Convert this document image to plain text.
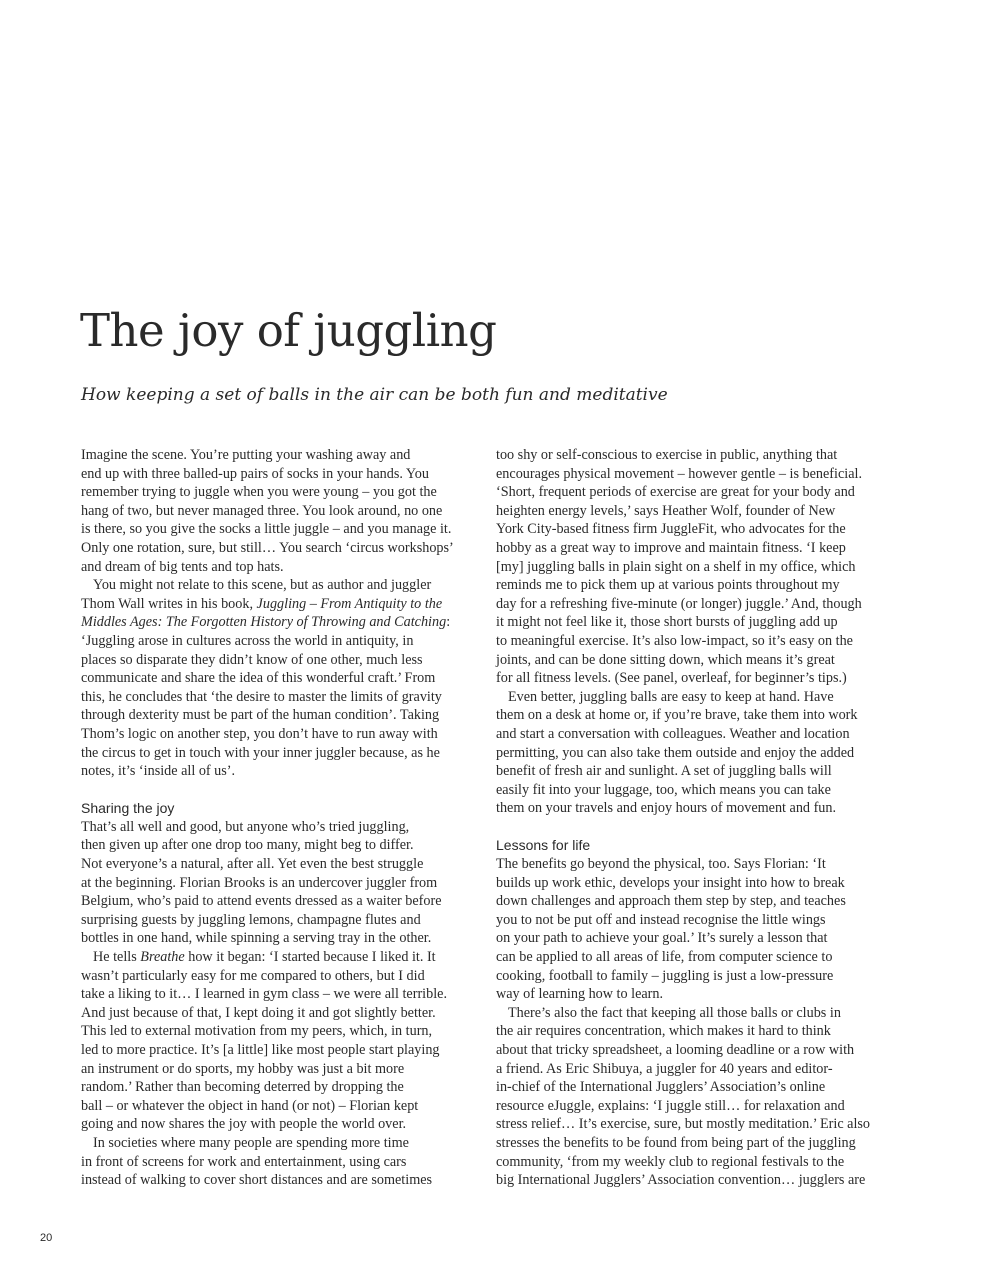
The joy of juggling
How keeping a set of balls in the air can be both fun and meditative
Imagine the scene. You’re putting your washing away and
end up with three balled-up pairs of socks in your hands. You
remember trying to juggle when you were young – you got the
hang of two, but never managed three. You look around, no one
is there, so you give the socks a little juggle – and you manage it.
Only one rotation, sure, but still… You search ‘circus workshops’
and dream of big tents and top hats.
You might not relate to this scene, but as author and juggler
Thom Wall writes in his book, Juggling – From Antiquity to the
Middles Ages: The Forgotten History of Throwing and Catching:
‘Juggling arose in cultures across the world in antiquity, in
places so disparate they didn’t know of one other, much less
communicate and share the idea of this wonderful craft.’ From
this, he concludes that ‘the desire to master the limits of gravity
through dexterity must be part of the human condition’. Taking
Thom’s logic on another step, you don’t have to run away with
the circus to get in touch with your inner juggler because, as he
notes, it’s ‘inside all of us’.
Sharing the joy
That’s all well and good, but anyone who’s tried juggling,
then given up after one drop too many, might beg to differ.
Not everyone’s a natural, after all. Yet even the best struggle
at the beginning. Florian Brooks is an undercover juggler from
Belgium, who’s paid to attend events dressed as a waiter before
surprising guests by juggling lemons, champagne flutes and
bottles in one hand, while spinning a serving tray in the other.
He tells Breathe how it began: ‘I started because I liked it. It
wasn’t particularly easy for me compared to others, but I did
take a liking to it… I learned in gym class – we were all terrible.
And just because of that, I kept doing it and got slightly better.
This led to external motivation from my peers, which, in turn,
led to more practice. It’s [a little] like most people start playing
an instrument or do sports, my hobby was just a bit more
random.’ Rather than becoming deterred by dropping the
ball – or whatever the object in hand (or not) – Florian kept
going and now shares the joy with people the world over.
In societies where many people are spending more time
in front of screens for work and entertainment, using cars
instead of walking to cover short distances and are sometimes
too shy or self-conscious to exercise in public, anything that
encourages physical movement – however gentle – is beneficial.
‘Short, frequent periods of exercise are great for your body and
heighten energy levels,’ says Heather Wolf, founder of New
York City-based fitness firm JuggleFit, who advocates for the
hobby as a great way to improve and maintain fitness. ‘I keep
[my] juggling balls in plain sight on a shelf in my office, which
reminds me to pick them up at various points throughout my
day for a refreshing five-minute (or longer) juggle.’ And, though
it might not feel like it, those short bursts of juggling add up
to meaningful exercise. It’s also low-impact, so it’s easy on the
joints, and can be done sitting down, which means it’s great
for all fitness levels. (See panel, overleaf, for beginner’s tips.)
Even better, juggling balls are easy to keep at hand. Have
them on a desk at home or, if you’re brave, take them into work
and start a conversation with colleagues. Weather and location
permitting, you can also take them outside and enjoy the added
benefit of fresh air and sunlight. A set of juggling balls will
easily fit into your luggage, too, which means you can take
them on your travels and enjoy hours of movement and fun.
Lessons for life
The benefits go beyond the physical, too. Says Florian: ‘It
builds up work ethic, develops your insight into how to break
down challenges and approach them step by step, and teaches
you to not be put off and instead recognise the little wings
on your path to achieve your goal.’ It’s surely a lesson that
can be applied to all areas of life, from computer science to
cooking, football to family – juggling is just a low-pressure
way of learning how to learn.
There’s also the fact that keeping all those balls or clubs in
the air requires concentration, which makes it hard to think
about that tricky spreadsheet, a looming deadline or a row with
a friend. As Eric Shibuya, a juggler for 40 years and editor-
in-chief of the International Jugglers’ Association’s online
resource eJuggle, explains: ‘I juggle still… for relaxation and
stress relief… It’s exercise, sure, but mostly meditation.’ Eric also
stresses the benefits to be found from being part of the juggling
community, ‘from my weekly club to regional festivals to the
big International Jugglers’ Association convention… jugglers are
20
